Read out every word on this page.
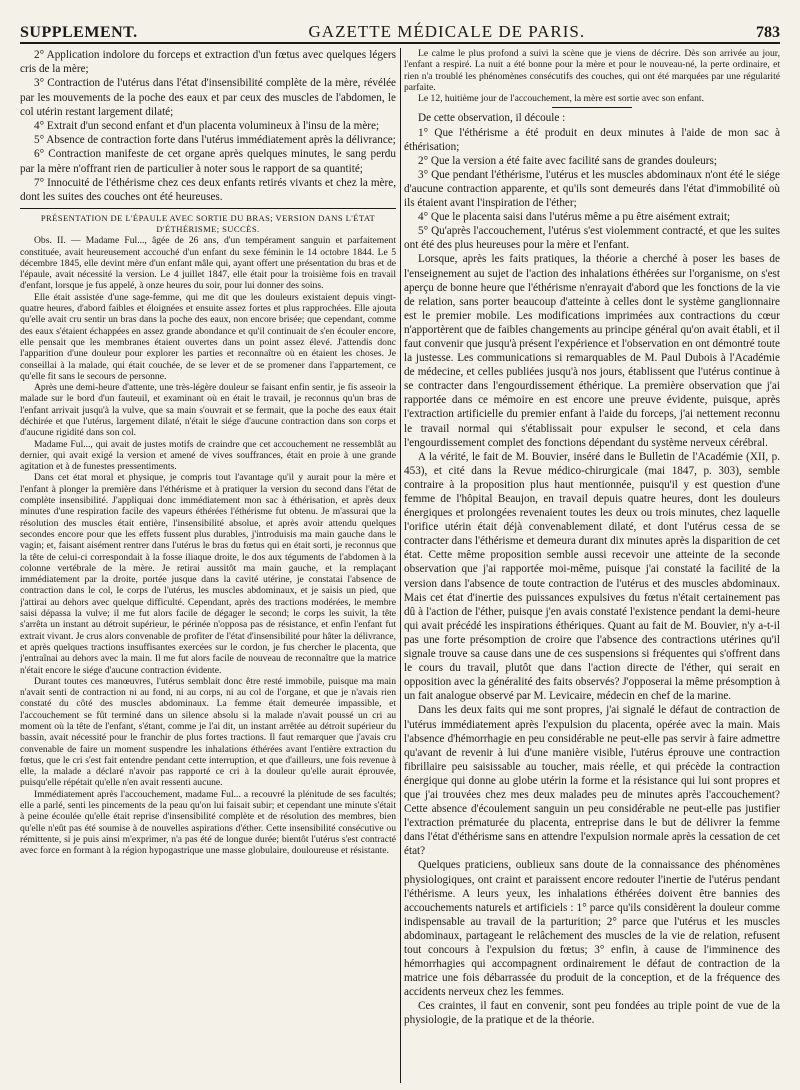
SUPPLEMENT.	GAZETTE MÉDICALE DE PARIS.	783

2° Application indolore du forceps et extraction d'un fœtus avec quelques légers cris de la mère;

3° Contraction de l'utérus dans l'état d'insensibilité complète de la mère, révélée par les mouvements de la poche des eaux et par ceux des muscles de l'abdomen, le col utérin restant largement dilaté;

4° Extrait d'un second enfant et d'un placenta volumineux à l'insu de la mère;

5° Absence de contraction forte dans l'utérus immédiatement après la délivrance;

6° Contraction manifeste de cet organe après quelques minutes, le sang perdu par la mère n'offrant rien de particulier à noter sous le rapport de sa quantité;

7° Innocuité de l'éthérisme chez ces deux enfants retirés vivants et chez la mère, dont les suites des couches ont été heureuses.

PRÉSENTATION DE L'ÉPAULE AVEC SORTIE DU BRAS; VERSION DANS L'ÉTAT

D'ÉTHÉRISME; SUCCÈS.

Obs. II. — Madame Ful..., âgée de 26 ans, d'un tempérament sanguin et parfaitement constituée, avait heureusement accouché d'un enfant du sexe féminin le 14 octobre 1844. Le 5 décembre 1845, elle devint mère d'un enfant mâle qui, ayant offert une présentation du bras et de l'épaule, avait nécessité la version. Le 4 juillet 1847, elle était pour la troisième fois en travail d'enfant, lorsque je fus appelé, à onze heures du soir, pour lui donner des soins.

Elle était assistée d'une sage-femme, qui me dit que les douleurs existaient depuis vingt-quatre heures, d'abord faibles et éloignées et ensuite assez fortes et plus rapprochées. Elle ajouta qu'elle avait cru sentir un bras dans la poche des eaux, non encore brisée; que cependant, comme des eaux s'étaient échappées en assez grande abondance et qu'il continuait de s'en écouler encore, elle pensait que les membranes étaient ouvertes dans un point assez élevé. J'attendis donc l'apparition d'une douleur pour explorer les parties et reconnaître où en étaient les choses. Je conseillai à la malade, qui était couchée, de se lever et de se promener dans l'appartement, ce qu'elle fit sans le secours de personne.

Après une demi-heure d'attente, une très-légère douleur se faisant enfin sentir, je fis asseoir la malade sur le bord d'un fauteuil, et examinant où en était le travail, je reconnus qu'un bras de l'enfant arrivait jusqu'à la vulve, que sa main s'ouvrait et se fermait, que la poche des eaux était déchirée et que l'utérus, largement dilaté, n'était le siége d'aucune contraction dans son corps et d'aucune rigidité dans son col.

Madame Ful..., qui avait de justes motifs de craindre que cet accouchement ne ressemblât au dernier, qui avait exigé la version et amené de vives souffrances, était en proie à une grande agitation et à de funestes pressentiments.

Dans cet état moral et physique, je compris tout l'avantage qu'il y aurait pour la mère et l'enfant à plonger la première dans l'éthérisme et à pratiquer la version du second dans l'état de complète insensibilité. J'appliquai donc immédiatement mon sac à éthérisation, et après deux minutes d'une respiration facile des vapeurs éthérées l'éthérisme fut obtenu. Je m'assurai que la résolution des muscles était entière, l'insensibilité absolue, et après avoir attendu quelques secondes encore pour que les effets fussent plus durables, j'introduisis ma main gauche dans le vagin; et, faisant aisément rentrer dans l'utérus le bras du fœtus qui en était sorti, je reconnus que la tête de celui-ci correspondait à la fosse iliaque droite, le dos aux téguments de l'abdomen à la colonne vertébrale de la mère. Je retirai aussitôt ma main gauche, et la remplaçant immédiatement par la droite, portée jusque dans la cavité utérine, je constatai l'absence de contraction dans le col, le corps de l'utérus, les muscles abdominaux, et je saisis un pied, que j'attirai au dehors avec quelque difficulté. Cependant, après des tractions modérées, le membre saisi dépassa la vulve; il me fut alors facile de dégager le second; le corps les suivit, la tête s'arrêta un instant au détroit supérieur, le périnée n'opposa pas de résistance, et enfin l'enfant fut extrait vivant. Je crus alors convenable de profiter de l'état d'insensibilité pour hâter la délivrance, et après quelques tractions insuffisantes exercées sur le cordon, je fus chercher le placenta, que j'entraînai au dehors avec la main. Il me fut alors facile de nouveau de reconnaître que la matrice n'était encore le siége d'aucune contraction évidente.

Durant toutes ces manœuvres, l'utérus semblait donc être resté immobile, puisque ma main n'avait senti de contraction ni au fond, ni au corps, ni au col de l'organe, et que je n'avais rien constaté du côté des muscles abdominaux. La femme était demeurée impassible, et l'accouchement se fût terminé dans un silence absolu si la malade n'avait poussé un cri au moment où la tête de l'enfant, s'étant, comme je l'ai dit, un instant arrêtée au détroit supérieur du bassin, avait nécessité pour le franchir de plus fortes tractions. Il faut remarquer que j'avais cru convenable de faire un moment suspendre les inhalations éthérées avant l'entière extraction du fœtus, que le cri s'est fait entendre pendant cette interruption, et que d'ailleurs, une fois revenue à elle, la malade a déclaré n'avoir pas rapporté ce cri à la douleur qu'elle aurait éprouvée, puisqu'elle répétait qu'elle n'en avait ressenti aucune.

Immédiatement après l'accouchement, madame Ful... a recouvré la plénitude de ses facultés; elle a parlé, senti les pincements de la peau qu'on lui faisait subir; et cependant une minute s'était à peine écoulée qu'elle était reprise d'insensibilité complète et de résolution des membres, bien qu'elle n'eût pas été soumise à de nouvelles aspirations d'éther. Cette insensibilité consécutive ou rémittente, si je puis ainsi m'exprimer, n'a pas été de longue durée; bientôt l'utérus s'est contracté avec force en formant à la région hypogastrique une masse globulaire, douloureuse et résistante.

Le calme le plus profond a suivi la scène que je viens de décrire. Dès son arrivée au jour, l'enfant a respiré. La nuit a été bonne pour la mère et pour le nouveau-né, la perte ordinaire, et rien n'a troublé les phénomènes consécutifs des couches, qui ont été marquées par une régularité parfaite.

Le 12, huitième jour de l'accouchement, la mère est sortie avec son enfant.

De cette observation, il découle :

1° Que l'éthérisme a été produit en deux minutes à l'aide de mon sac à éthérisation;

2° Que la version a été faite avec facilité sans de grandes douleurs;

3° Que pendant l'éthérisme, l'utérus et les muscles abdominaux n'ont été le siége d'aucune contraction apparente, et qu'ils sont demeurés dans l'état d'immobilité où ils étaient avant l'inspiration de l'éther;

4° Que le placenta saisi dans l'utérus même a pu être aisément extrait;

5° Qu'après l'accouchement, l'utérus s'est violemment contracté, et que les suites ont été des plus heureuses pour la mère et l'enfant.

Lorsque, après les faits pratiques, la théorie a cherché à poser les bases de l'enseignement au sujet de l'action des inhalations éthérées sur l'organisme, on s'est aperçu de bonne heure que l'éthérisme n'enrayait d'abord que les fonctions de la vie de relation, sans porter beaucoup d'atteinte à celles dont le système ganglionnaire est le premier mobile. Les modifications imprimées aux contractions du cœur n'apportèrent que de faibles changements au principe général qu'on avait établi, et il faut convenir que jusqu'à présent l'expérience et l'observation en ont démontré toute la justesse. Les communications si remarquables de M. Paul Dubois à l'Académie de médecine, et celles publiées jusqu'à nos jours, établissent que l'utérus continue à se contracter dans l'engourdissement éthérique. La première observation que j'ai rapportée dans ce mémoire en est encore une preuve évidente, puisque, après l'extraction artificielle du premier enfant à l'aide du forceps, j'ai nettement reconnu le travail normal qui s'établissait pour expulser le second, et cela dans l'engourdissement complet des fonctions dépendant du système nerveux cérébral.

A la vérité, le fait de M. Bouvier, inséré dans le Bulletin de l'Académie (XII, p. 453), et cité dans la Revue médico-chirurgicale (mai 1847, p. 303), semble contraire à la proposition plus haut mentionnée, puisqu'il y est question d'une femme de l'hôpital Beaujon, en travail depuis quatre heures, dont les douleurs énergiques et prolongées revenaient toutes les deux ou trois minutes, chez laquelle l'orifice utérin était déjà convenablement dilaté, et dont l'utérus cessa de se contracter dans l'éthérisme et demeura durant dix minutes après la disparition de cet état. Cette même proposition semble aussi recevoir une atteinte de la seconde observation que j'ai rapportée moi-même, puisque j'ai constaté la facilité de la version dans l'absence de toute contraction de l'utérus et des muscles abdominaux. Mais cet état d'inertie des puissances expulsives du fœtus n'était certainement pas dû à l'action de l'éther, puisque j'en avais constaté l'existence pendant la demi-heure qui avait précédé les inspirations éthériques. Quant au fait de M. Bouvier, n'y a-t-il pas une forte présomption de croire que l'absence des contractions utérines qu'il signale trouve sa cause dans une de ces suspensions si fréquentes qui s'offrent dans le cours du travail, plutôt que dans l'action directe de l'éther, qui serait en opposition avec la généralité des faits observés? J'opposerai la même présomption à un fait analogue observé par M. Levicaire, médecin en chef de la marine.

Dans les deux faits qui me sont propres, j'ai signalé le défaut de contraction de l'utérus immédiatement après l'expulsion du placenta, opérée avec la main. Mais l'absence d'hémorrhagie en peu considérable ne peut-elle pas servir à faire admettre qu'avant de revenir à lui d'une manière visible, l'utérus éprouve une contraction fibrillaire peu saisissable au toucher, mais réelle, et qui précède la contraction énergique qui donne au globe utérin la forme et la résistance qui lui sont propres et que j'ai trouvées chez mes deux malades peu de minutes après l'accouchement? Cette absence d'écoulement sanguin un peu considérable ne peut-elle pas justifier l'extraction prématurée du placenta, entreprise dans le but de délivrer la femme dans l'état d'éthérisme sans en attendre l'expulsion normale après la cessation de cet état?

Quelques praticiens, oublieux sans doute de la connaissance des phénomènes physiologiques, ont craint et paraissent encore redouter l'inertie de l'utérus pendant l'éthérisme. A leurs yeux, les inhalations éthérées doivent être bannies des accouchements naturels et artificiels : 1° parce qu'ils considèrent la douleur comme indispensable au travail de la parturition; 2° parce que l'utérus et les muscles abdominaux, partageant le relâchement des muscles de la vie de relation, refusent tout concours à l'expulsion du fœtus; 3° enfin, à cause de l'imminence des hémorrhagies qui accompagnent ordinairement le défaut de contraction de la matrice une fois débarrassée du produit de la conception, et de la fréquence des accidents nerveux chez les femmes.

Ces craintes, il faut en convenir, sont peu fondées au triple point de vue de la physiologie, de la pratique et de la théorie.
